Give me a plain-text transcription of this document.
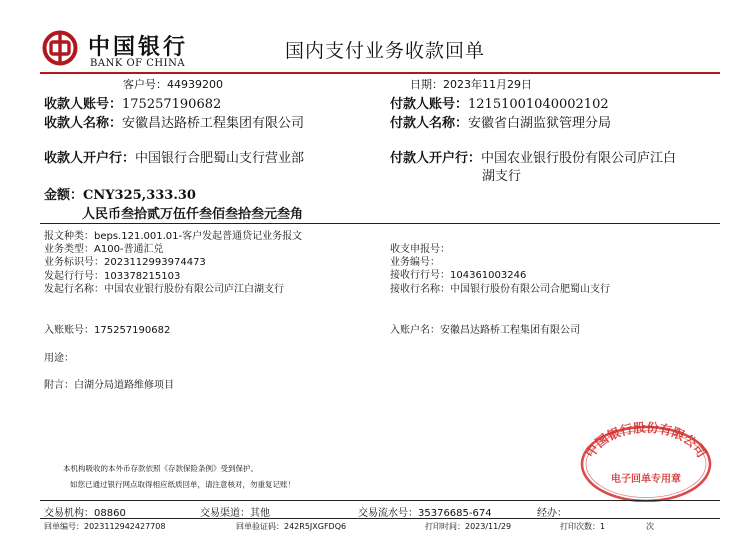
中国银行
BANK OF CHINA
国内支付业务收款回单
客户号：44939200	日期：2023年11月29日
收款人账号：175257190682	付款人账号：12151001040002102
收款人名称：安徽昌达路桥工程集团有限公司	付款人名称：安徽省白湖监狱管理分局
收款人开户行：中国银行合肥蜀山支行营业部	付款人开户行：中国农业银行股份有限公司庐江白
湖支行
金额：CNY325,333.30
人民币叁拾贰万伍仟叁佰叁拾叁元叁角
报文种类：beps.121.001.01-客户发起普通贷记业务报文
业务类型：A100-普通汇兑
业务标识号：2023112993974473
发起行行号：103378215103
发起行名称：中国农业银行股份有限公司庐江白湖支行
收支申报号：
业务编号：
接收行行号：104361003246
接收行名称：中国银行股份有限公司合肥蜀山支行
入账账号：175257190682	入账户名：安徽昌达路桥工程集团有限公司
用途：
附言：白湖分局道路维修项目
本机构吸收的本外币存款依照《存款保险条例》受到保护。
如您已通过银行网点取得相应纸质回单，请注意核对，勿重复记账！
中国银行股份有限公司
电子回单专用章
交易机构：08860	交易渠道：其他	交易流水号：35376685-674	经办：
回单编号：2023112942427708	回单验证码：242R5JXGFDQ6	打印时间：2023/11/29	打印次数：1	次
